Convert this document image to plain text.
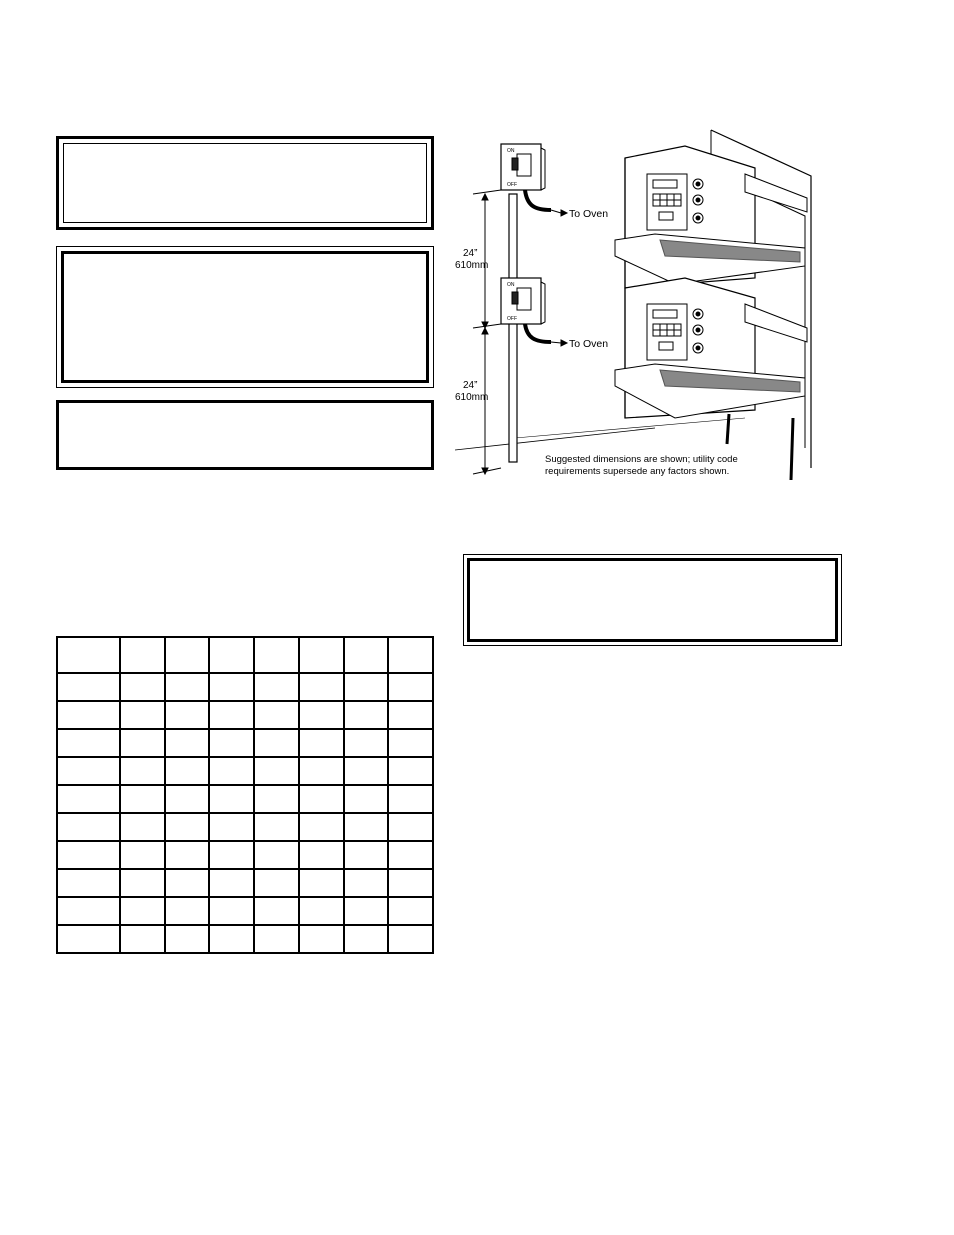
ON
OFF
ON
OFF
To Oven
To Oven
24”
610mm
24”
610mm
Suggested dimensions are shown; utility code
requirements supersede any factors shown.
